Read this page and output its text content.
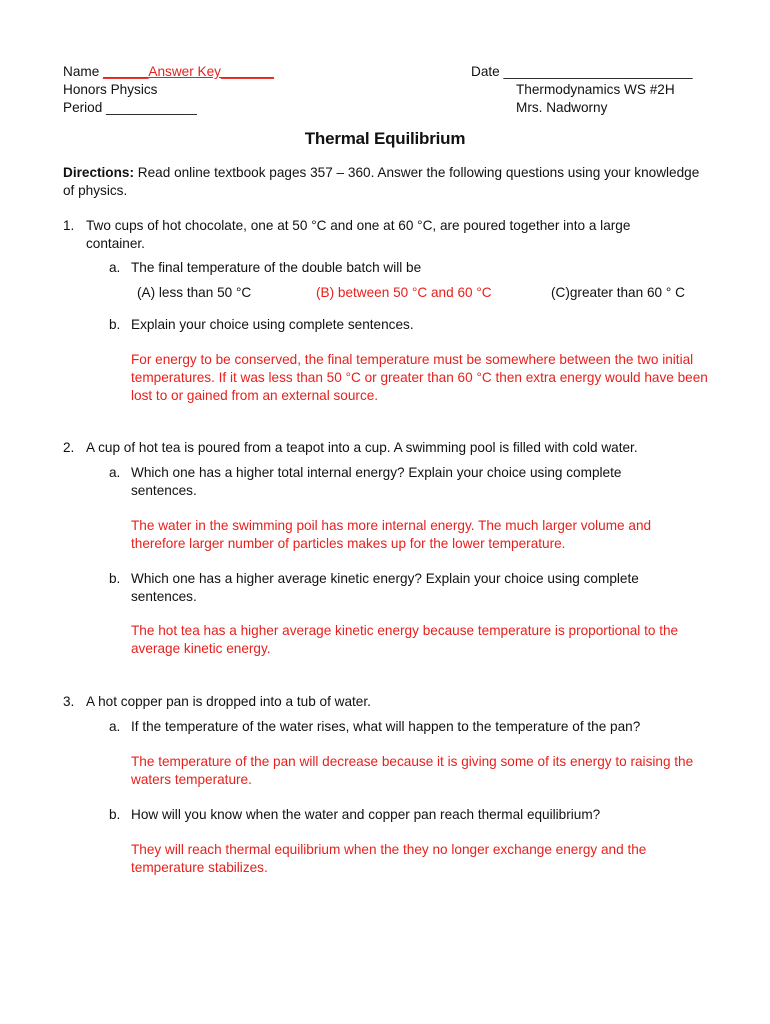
Name ______Answer Key_______
Honors Physics
Period ____________
Date _________________________
Thermodynamics WS #2H
Mrs. Nadworny
Thermal Equilibrium
Directions: Read online textbook pages 357 – 360. Answer the following questions using your knowledge of physics.
1. Two cups of hot chocolate, one at 50 °C and one at 60 °C, are poured together into a large container.
a. The final temperature of the double batch will be
(A) less than 50 °C	(B) between 50 °C and 60 °C	(C)greater than 60 ° C
b. Explain your choice using complete sentences.
For energy to be conserved, the final temperature must be somewhere between the two initial temperatures. If it was less than 50 °C or greater than 60 °C then extra energy would have been lost to or gained from an external source.
2. A cup of hot tea is poured from a teapot into a cup. A swimming pool is filled with cold water.
a. Which one has a higher total internal energy? Explain your choice using complete sentences.
The water in the swimming poil has more internal energy. The much larger volume and therefore larger number of particles makes up for the lower temperature.
b. Which one has a higher average kinetic energy? Explain your choice using complete sentences.
The hot tea has a higher average kinetic energy because temperature is proportional to the average kinetic energy.
3. A hot copper pan is dropped into a tub of water.
a. If the temperature of the water rises, what will happen to the temperature of the pan?
The temperature of the pan will decrease because it is giving some of its energy to raising the waters temperature.
b. How will you know when the water and copper pan reach thermal equilibrium?
They will reach thermal equilibrium when the they no longer exchange energy and the temperature stabilizes.
